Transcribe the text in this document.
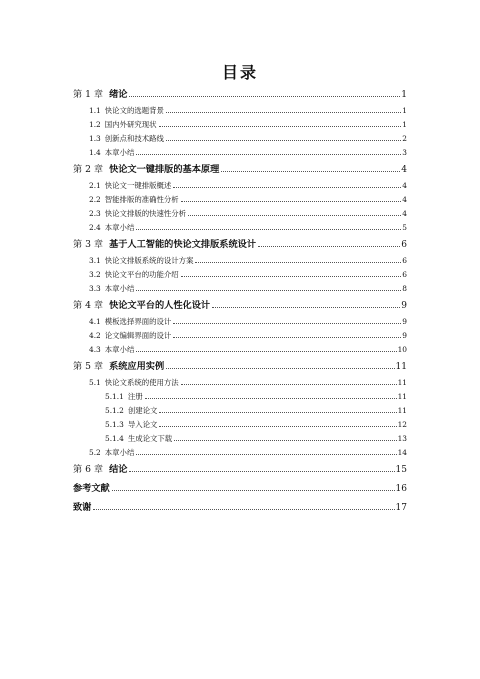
目录
第 1 章 绪论	1
1.1 快论文的选题背景	1
1.2 国内外研究现状	1
1.3 创新点和技术路线	2
1.4 本章小结	3
第 2 章 快论文一键排版的基本原理	4
2.1 快论文一键排版概述	4
2.2 智能排版的准确性分析	4
2.3 快论文排版的快速性分析	4
2.4 本章小结	5
第 3 章 基于人工智能的快论文排版系统设计	6
3.1 快论文排版系统的设计方案	6
3.2 快论文平台的功能介绍	6
3.3 本章小结	8
第 4 章 快论文平台的人性化设计	9
4.1 模板选择界面的设计	9
4.2 论文编辑界面的设计	9
4.3 本章小结	10
第 5 章 系统应用实例	11
5.1 快论文系统的使用方法	11
5.1.1 注册	11
5.1.2 创建论文	11
5.1.3 导入论文	12
5.1.4 生成论文下载	13
5.2 本章小结	14
第 6 章 结论	15
参考文献	16
致谢	17
